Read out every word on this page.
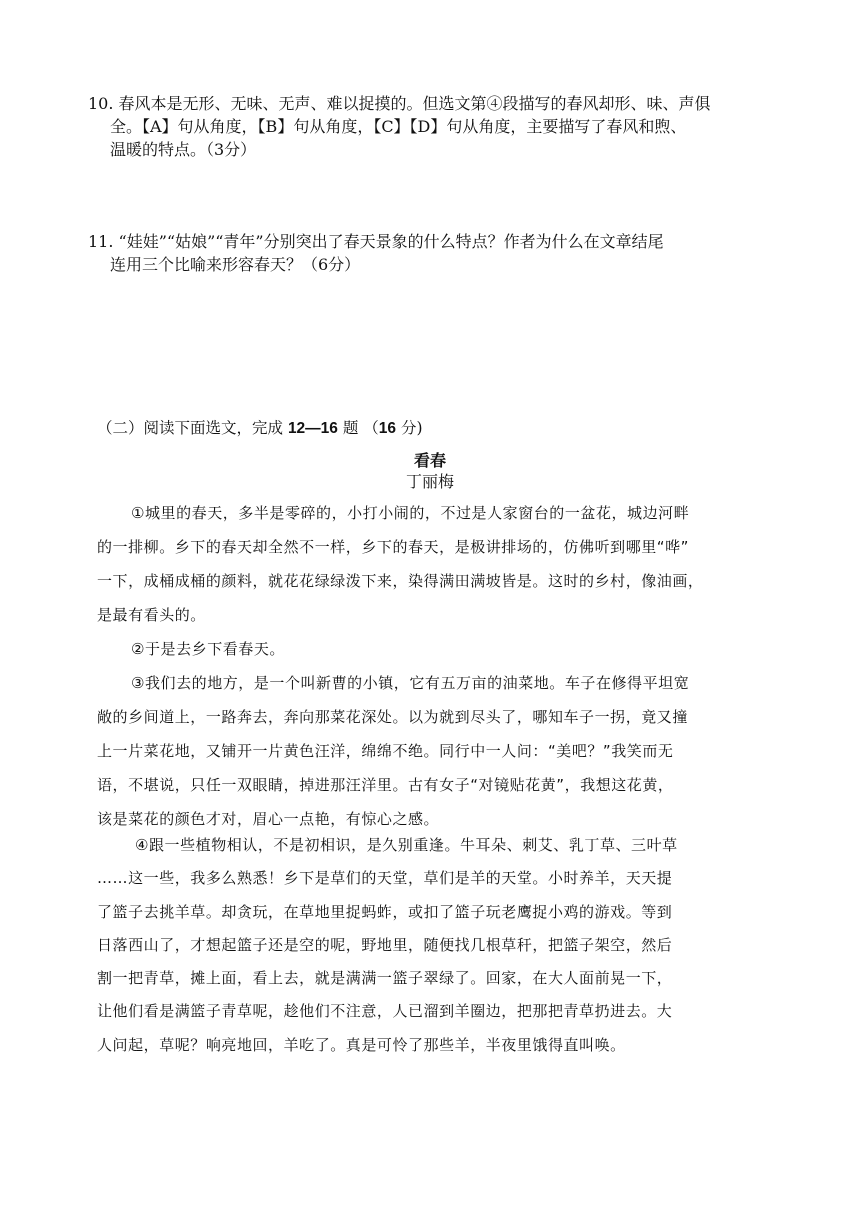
10. 春风本是无形、无味、无声、难以捉摸的。但选文第④段描写的春风却形、味、声俱
全。【A】句从角度，【B】句从角度，【C】【D】句从角度，主要描写了春风和煦、
温暖的特点。（3分）
11. “娃娃”“姑娘”“青年”分别突出了春天景象的什么特点？作者为什么在文章结尾
连用三个比喻来形容春天？（6分）
（二）阅读下面选文，完成 12—16 题 （16 分)
看春
丁丽梅
①城里的春天，多半是零碎的，小打小闹的，不过是人家窗台的一盆花，城边河畔
的一排柳。乡下的春天却全然不一样，乡下的春天，是极讲排场的，仿佛听到哪里“哗”
一下，成桶成桶的颜料，就花花绿绿泼下来，染得满田满坡皆是。这时的乡村，像油画，
是最有看头的。
②于是去乡下看春天。
③我们去的地方，是一个叫新曹的小镇，它有五万亩的油菜地。车子在修得平坦宽
敞的乡间道上，一路奔去，奔向那菜花深处。以为就到尽头了，哪知车子一拐，竟又撞
上一片菜花地，又铺开一片黄色汪洋，绵绵不绝。同行中一人问：“美吧？”我笑而无
语，不堪说，只任一双眼睛，掉进那汪洋里。古有女子“对镜贴花黄”，我想这花黄，
该是菜花的颜色才对，眉心一点艳，有惊心之感。
④跟一些植物相认，不是初相识，是久别重逢。牛耳朵、刺艾、乳丁草、三叶草
……这一些，我多么熟悉！乡下是草们的天堂，草们是羊的天堂。小时养羊，天天提
了篮子去挑羊草。却贪玩，在草地里捉蚂蚱，或扣了篮子玩老鹰捉小鸡的游戏。等到
日落西山了，才想起篮子还是空的呢，野地里，随便找几根草秆，把篮子架空，然后
割一把青草，摊上面，看上去，就是满满一篮子翠绿了。回家，在大人面前晃一下，
让他们看是满篮子青草呢，趁他们不注意，人已溜到羊圈边，把那把青草扔进去。大
人问起，草呢？响亮地回，羊吃了。真是可怜了那些羊，半夜里饿得直叫唤。
